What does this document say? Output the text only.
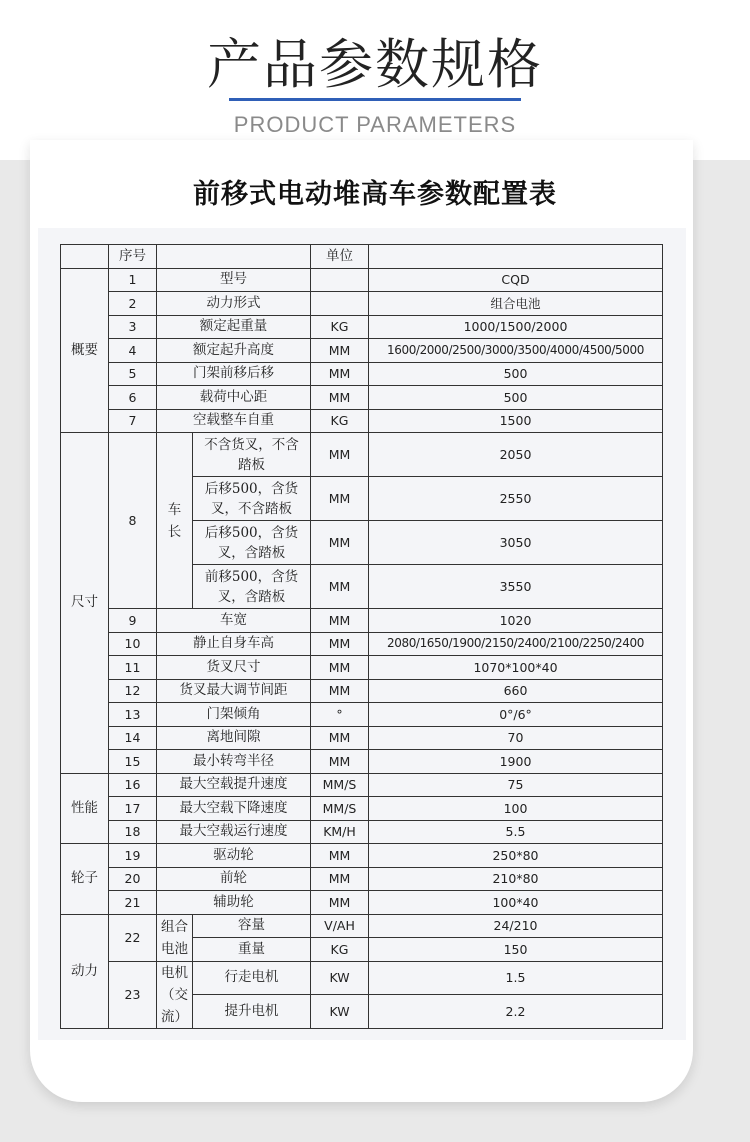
产品参数规格
PRODUCT PARAMETERS
前移式电动堆高车参数配置表
	序号			单位	
概要	1	型号			CQD
	2	动力形式			组合电池
	3	额定起重量		KG	1000/1500/2000
	4	额定起升高度		MM	1600/2000/2500/3000/3500/4000/4500/5000
	5	门架前移后移		MM	500
	6	载荷中心距		MM	500
	7	空载整车自重		KG	1500
尺寸	8	车长	不含货叉，不含踏板	MM	2050
			后移500，含货叉，不含踏板	MM	2550
			后移500，含货叉，含踏板	MM	3050
			前移500，含货叉，含踏板	MM	3550
	9	车宽		MM	1020
	10	静止自身车高		MM	2080/1650/1900/2150/2400/2100/2250/2400
	11	货叉尺寸		MM	1070*100*40
	12	货叉最大调节间距		MM	660
	13	门架倾角		°	0°/6°
	14	离地间隙		MM	70
	15	最小转弯半径		MM	1900
性能	16	最大空载提升速度		MM/S	75
	17	最大空载下降速度		MM/S	100
	18	最大空载运行速度		KM/H	5.5
轮子	19	驱动轮		MM	250*80
	20	前轮		MM	210*80
	21	辅助轮		MM	100*40
动力	22	组合电池	容量	V/AH	24/210
			重量	KG	150
	23	电机（交流）	行走电机	KW	1.5
			提升电机	KW	2.2
